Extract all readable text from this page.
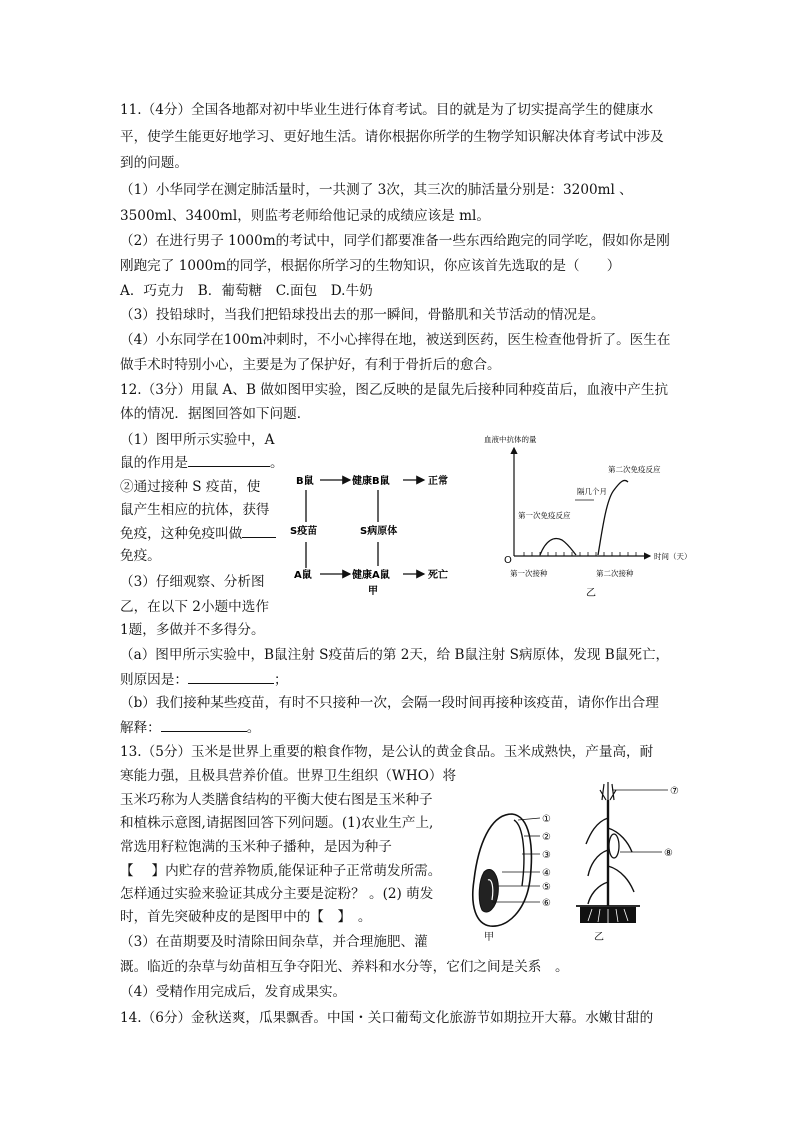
11.（4分）全国各地都对初中毕业生进行体育考试。目的就是为了切实提高学生的健康水
平，使学生能更好地学习、更好地生活。请你根据你所学的生物学知识解决体育考试中涉及
到的问题。
（1）小华同学在测定肺活量时，一共测了 3次，其三次的肺活量分别是：3200ml 、
3500ml、3400ml，则监考老师给他记录的成绩应该是 ml。
（2）在进行男子 1000m的考试中，同学们都要准备一些东西给跑完的同学吃，假如你是刚
刚跑完了 1000m的同学，根据你所学习的生物知识，你应该首先选取的是（　　）
A．巧克力　B．葡萄糖　C.面包　D.牛奶
（3）投铅球时，当我们把铅球投出去的那一瞬间，骨骼肌和关节活动的情况是。
（4）小东同学在100m冲刺时，不小心摔得在地，被送到医药，医生检查他骨折了。医生在
做手术时特别小心，主要是为了保护好，有利于骨折后的愈合。
12.（3分）用鼠 A、B 做如图甲实验，图乙反映的是鼠先后接种同种疫苗后，血液中产生抗
体的情况．据图回答如下问题．
（1）图甲所示实验中，A
鼠的作用是	。
②通过接种 S 疫苗，使
鼠产生相应的抗体，获得
免疫，这种免疫叫做
免疫。
（3）仔细观察、分析图
乙，在以下 2小题中选作
1题，多做并不多得分。
（a）图甲所示实验中，B鼠注射 S疫苗后的第 2天，给 B鼠注射 S病原体，发现 B鼠死亡，
则原因是：	；
（b）我们接种某些疫苗，有时不只接种一次，会隔一段时间再接种该疫苗，请你作出合理
解释：	。
B鼠	健康B鼠	正常
S疫苗	S病原体
A鼠	健康A鼠	死亡
甲
血液中抗体的量
第二次免疫反应
隔几个月
第一次免疫反应
O	时间（天）
第一次接种	第二次接种
乙
13.（5分）玉米是世界上重要的粮食作物，是公认的黄金食品。玉米成熟快，产量高，耐
寒能力强，且极具营养价值。世界卫生组织（WHO）将
玉米巧称为人类膳食结构的平衡大使右图是玉米种子
和植株示意图,请据图回答下列问题。(1)农业生产上,
常选用籽粒饱满的玉米种子播种，是因为种子
【　 】内贮存的营养物质,能保证种子正常萌发所需。
怎样通过实验来验证其成分主要是淀粉？ 。(2) 萌发
时，首先突破种皮的是图甲中的【　】　。
（3）在苗期要及时清除田间杂草，并合理施肥、灌
溉。临近的杂草与幼苗相互争夺阳光、养料和水分等，它们之间是关系　。
（4）受精作用完成后，发育成果实。
①
②
③
④
⑤
⑥
甲
⑦
⑧
乙
14.（6分）金秋送爽，瓜果飘香。中国・关口葡萄文化旅游节如期拉开大幕。水嫩甘甜的
